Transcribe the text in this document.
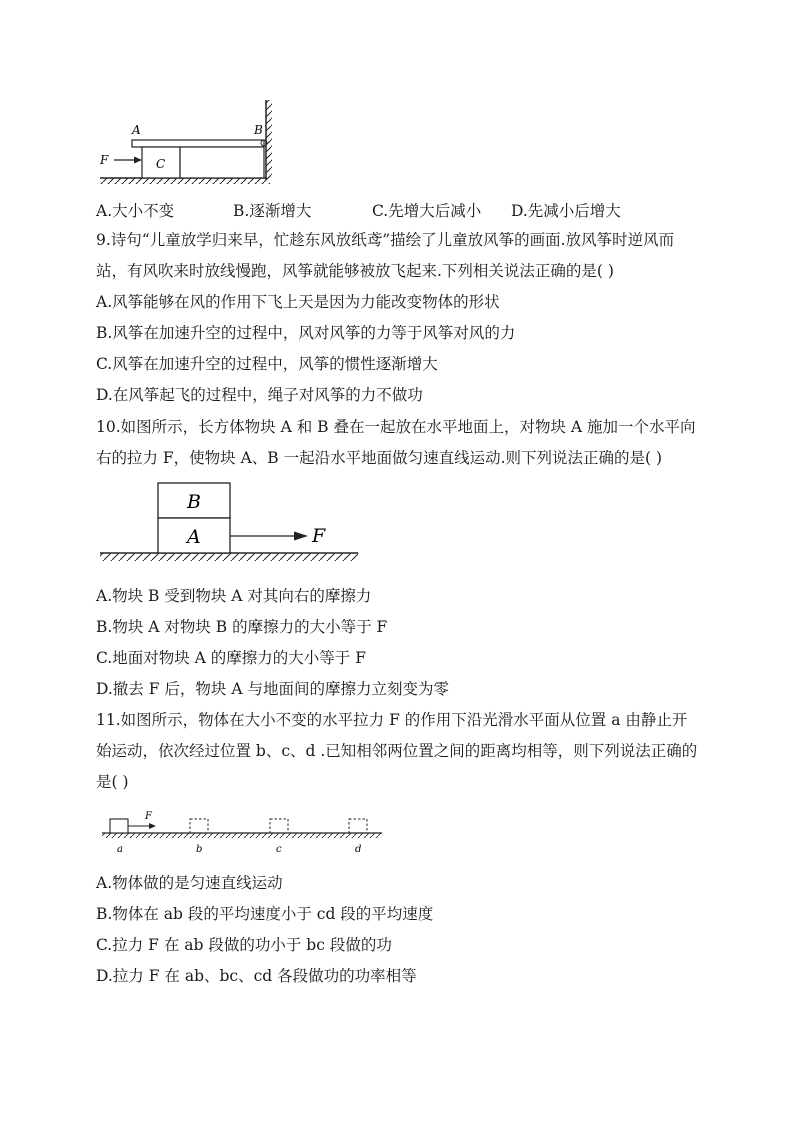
A	B
C
F
A.大小不变	B.逐渐增大	C.先增大后减小 D.先减小后增大
9.诗句“儿童放学归来早，忙趁东风放纸鸢”描绘了儿童放风筝的画面.放风筝时逆风而
站，有风吹来时放线慢跑，风筝就能够被放飞起来.下列相关说法正确的是( )
A.风筝能够在风的作用下飞上天是因为力能改变物体的形状
B.风筝在加速升空的过程中，风对风筝的力等于风筝对风的力
C.风筝在加速升空的过程中，风筝的惯性逐渐增大
D.在风筝起飞的过程中，绳子对风筝的力不做功
10.如图所示，长方体物块 A 和 B 叠在一起放在水平地面上，对物块 A 施加一个水平向
右的拉力 F，使物块 A、B 一起沿水平地面做匀速直线运动.则下列说法正确的是( )
B
A	F
A.物块 B 受到物块 A 对其向右的摩擦力
B.物块 A 对物块 B 的摩擦力的大小等于 F
C.地面对物块 A 的摩擦力的大小等于 F
D.撤去 F 后，物块 A 与地面间的摩擦力立刻变为零
11.如图所示，物体在大小不变的水平拉力 F 的作用下沿光滑水平面从位置 a 由静止开
始运动，依次经过位置 b、c、d .已知相邻两位置之间的距离均相等，则下列说法正确的
是( )
F
a	b	c	d
A.物体做的是匀速直线运动
B.物体在 ab 段的平均速度小于 cd 段的平均速度
C.拉力 F 在 ab 段做的功小于 bc 段做的功
D.拉力 F 在 ab、bc、cd 各段做功的功率相等
